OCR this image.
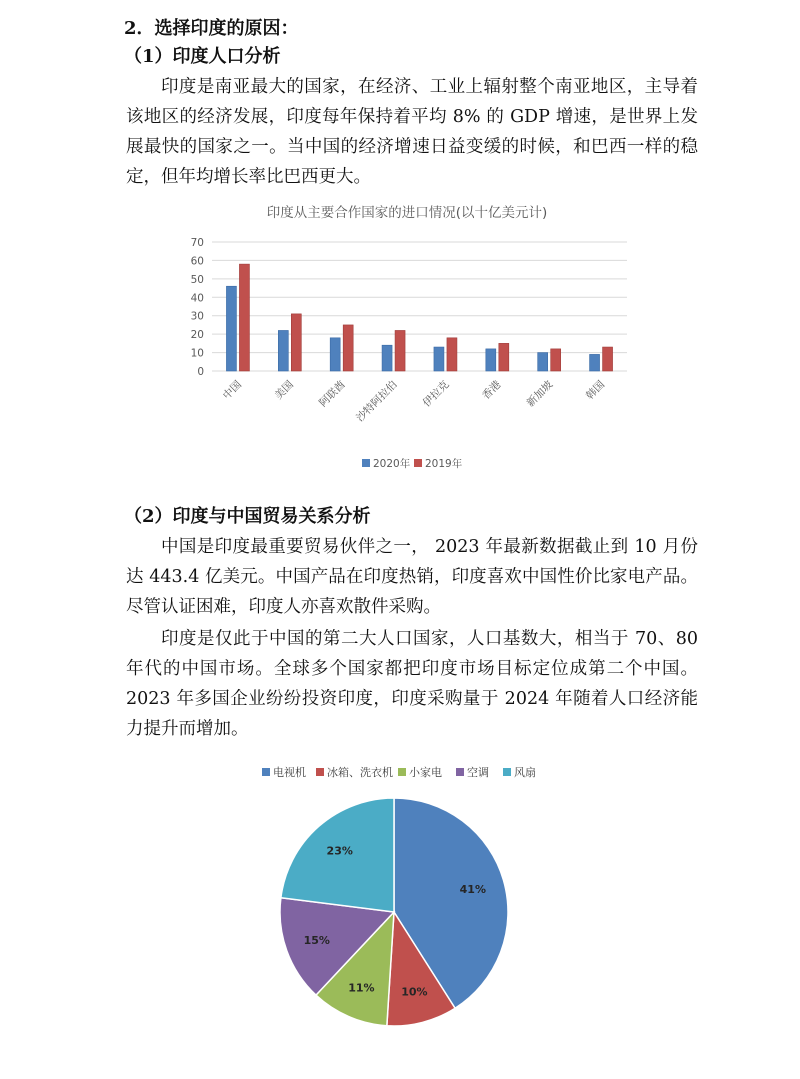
2．选择印度的原因：
（1）印度人口分析

印度是南亚最大的国家，在经济、工业上辐射整个南亚地区，主导着该地区的经济发展，印度每年保持着平均 8% 的 GDP 增速，是世界上发展最快的国家之一。当中国的经济增速日益变缓的时候，和巴西一样的稳定，但年均增长率比巴西更大。

印度从主要合作国家的进口情况(以十亿美元计)
0
10
20
30
40
50
60
70
中国	美国 阿联酋 沙特阿拉伯 伊拉克	香港 新加坡	韩国
2020年 2019年
（2）印度与中国贸易关系分析

中国是印度最重要贸易伙伴之一， 2023 年最新数据截止到 10 月份达 443.4 亿美元。中国产品在印度热销，印度喜欢中国性价比家电产品。尽管认证困难，印度人亦喜欢散件采购。

印度是仅此于中国的第二大人口国家，人口基数大，相当于 70、80 年代的中国市场。全球多个国家都把印度市场目标定位成第二个中国。2023 年多国企业纷纷投资印度，印度采购量于 2024 年随着人口经济能力提升而增加。

电视机 冰箱、洗衣机 小家电 空调 风扇
41%
10%
11%
15%
23%
